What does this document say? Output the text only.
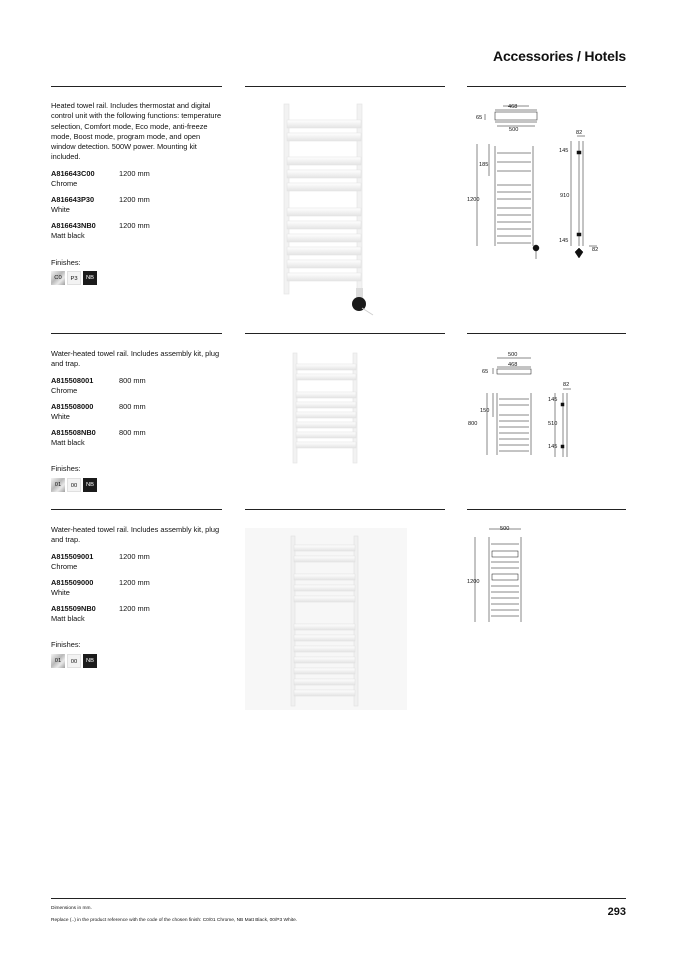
Accessories / Hotels
Heated towel rail. Includes thermostat and digital control unit with the following functions: temperature selection, Comfort mode, Eco mode, anti-freeze mode, Boost mode, program mode, and open window detection. 500W power. Mounting kit included.
A816643C00	1200 mm
Chrome
A816643P30	1200 mm
White
A816643NB0	1200 mm
Matt black
Finishes:
C0	P3	NB
468
65
500	82
185
1200
145
910
145
82
Water-heated towel rail. Includes assembly kit, plug and trap.
A815508001	800 mm
Chrome
A815508000	800 mm
White
A815508NB0	800 mm
Matt black
Finishes:
01	00	NB
500
468
65
82
150
800
145
510
145
Water-heated towel rail. Includes assembly kit, plug and trap.
A815509001	1200 mm
Chrome
A815509000	1200 mm
White
A815509NB0	1200 mm
Matt black
Finishes:
01	00	NB
500
1200
Dimensions in mm.
Replace (..) in the product reference with the code of the chosen finish: C0/01 Chrome, NB Matt Black, 00/P3 White.
293
